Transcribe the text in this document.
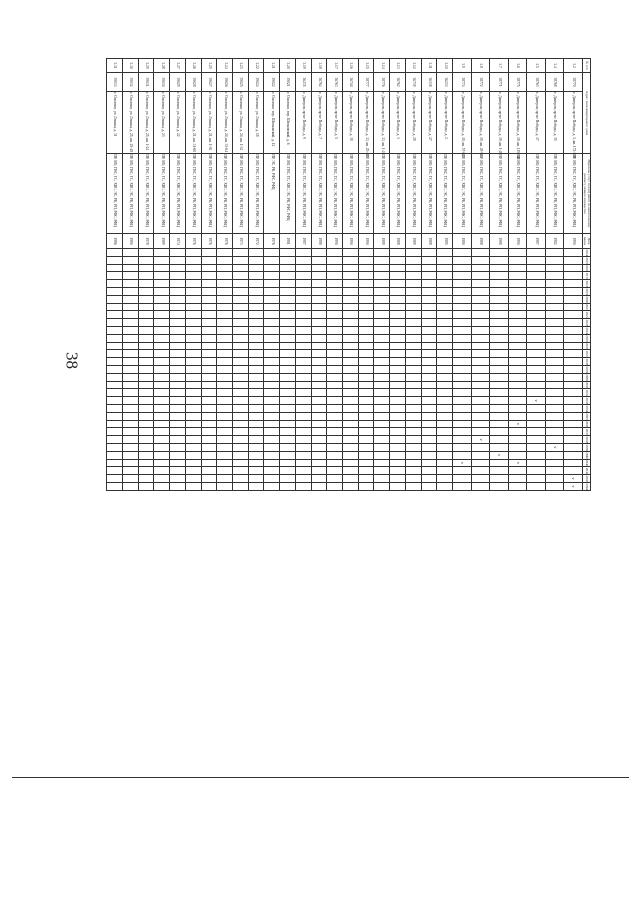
38
№ п/п	Адрес многоквартирного дома		Перечень услуг и (или) работ по капитальному ремонту общего имущества	Дата ввода	2014	2015	2016	2017	2018	2019	2020	2021	2022	2023	2024	2025	2026	2027	2028	2029	2030	2031	2032	2033	2034	2035	2036	2037	2038	2039	2040	2041	2042	2043	2044
3.2	38770	г. Дмитров, пр-кт Победы, д. 1, кв. 172-259	ПР, ВО, ГВС, ТС, ХВС, ЭС, РК, РП, РФС, РФЦ	1990																														v	v
3.4	38768	г. Дмитров, пр-кт Победы, д. 15	ПР, ВО, ГВС, ТС, ХВС, ЭС, РК, РП, РФС, РФЦ	1982																										v					
3.5	38763	г. Дмитров, пр-кт Победы, д. 17	ПР, ВО, ГВС, ТС, ХВС, ЭС, РК, РП, РФС, РФЦ	1987																				v											
3.6	38775	г. Дмитров, пр-кт Победы, д. 19, кв. 115-142	ПР, ВО, ГВС, ТС, ХВС, ЭС, РК, РП, РФС, РФЦ	1990																							v					v			
3.7	38771	г. Дмитров, пр-кт Победы, д. 19, кв. 1-28	ПР, ВО, ГВС, ТС, ХВС, ЭС, РК, РП, РФС, РФЦ	1988																											v				
3.8	38772	г. Дмитров, пр-кт Победы, д. 19, кв. 29-56	ПР, ВО, ГВС, ТС, ХВС, ЭС, РК, РП, РФС, РФЦ	1988																									v						
3.9	38774	г. Дмитров, пр-кт Победы, д. 19, кв. 57-84	ПР, ВО, ГВС, ТС, ХВС, ЭС, РК, РП, РФС, РФЦ	1980																												v			
3.10	36233	г. Дмитров, пр-кт Победы, д. 2	ПР, ВО, ГВС, ТС, ХВС, ЭС, РК, РП, РФС, РФЦ	1985																															
3.11	36338	г. Дмитров, пр-кт Победы, д. 27	ПР, ВО, ГВС, ТС, ХВС, ЭС, РК, РП, РФС, РФЦ	1988																															
3.12	36739	г. Дмитров, пр-кт Победы, д. 29	ПР, ВО, ГВС, ТС, ХВС, ЭС, РК, РП, РФС, РФЦ	1989																															
3.13	36762	г. Дмитров, пр-кт Победы, д. 3	ПР, ВО, ГВС, ТС, ХВС, ЭС, РК, РП, РФС, РФЦ	1988																															
3.14	38776	г. Дмитров, пр-кт Победы, д. 33, кв. 1-24	ПР, ВО, ГВС, ТС, ХВС, ЭС, РК, РП, РФС, РФЦ	1989																															
3.15	38777	г. Дмитров, пр-кт Победы, д. 33, кв. 25-48	ПР, ВО, ГВС, ТС, ХВС, ЭС, РК, РП, РФС, РФЦ	1990																															
3.16	36740	г. Дмитров, пр-кт Победы, д. 39	ПР, ВО, ГВС, ТС, ХВС, ЭС, РК, РП, РФС, РФЦ	1990																															
3.17	36763	г. Дмитров, пр-кт Победы, д. 5	ПР, ВО, ГВС, ТС, ХВС, ЭС, РК, РП, РФС, РФЦ	1990																															
3.18	36764	г. Дмитров, пр-кт Победы, д. 7	ПР, ВО, ГВС, ТС, ХВС, ЭС, РК, РП, РФС, РФЦ	1988																															
3.19	36235	г. Дмитров, пр-кт Победы, д. 9	ПР, ВО, ГВС, ТС, ХВС, ЭС, РК, РП, РФС, РФЦ	1987																															
3.20	39021	г. Ожогино, пер. Шелковский, д. 6	ПР, ВО, ГВС, ТС, ХВС, ЭС, РК, РФС, РФЦ	1981																															
3.21	39022	г. Ожогино, пер. Шелковский, д. 12	ПР, ЭС, РК, РФС, РФЦ	1976																															
3.22	39024	г. Ожогино, ул. Ленина, д. 18	ПР, ВО, ГВС, ТС, ХВС, ЭС, РК, РП, РФС, РФЦ	1972																															
3.23	39025	г. Ожогино, ул. Ленина, д. 20, кв. 1-32	ПР, ВО, ГВС, ТС, ХВС, ЭС, РК, РП, РФС, РФЦ	1973																															
3.24	39026	г. Ожогино, ул. Ленина, д. 20, кв. 33-64	ПР, ВО, ГВС, ТС, ХВС, ЭС, РК, РП, РФС, РФЦ	1976																															
3.25	39027	г. Ожогино, ул. Ленина, д. 21, кв. 1-30	ПР, ВО, ГВС, ТС, ХВС, ЭС, РК, РП, РФС, РФЦ	1976																															
3.26	39028	г. Ожогино, ул. Ленина, д. 21, кв. 31-60	ПР, ВО, ГВС, ТС, ХВС, ЭС, РК, РП, РФС, РФЦ	1976																															
3.27	39029	г. Ожогино, ул. Ленина, д. 22	ПР, ВО, ГВС, ТС, ХВС, ЭС, РК, РП, РФС, РФЦ	1974																															
3.28	39030	г. Ожогино, ул. Ленина, д. 23	ПР, ВО, ГВС, ТС, ХВС, ЭС, РК, РП, РФС, РФЦ	1989																															
3.29	39031	г. Ожогино, ул. Ленина, д. 25, кв. 1-24	ПР, ВО, ГВС, ТС, ХВС, ЭС, РК, РП, РФС, РФЦ	1978																															
3.30	39032	г. Ожогино, ул. Ленина, д. 25, кв. 25-48	ПР, ВО, ГВС, ТС, ХВС, ЭС, РК, РП, РФС, РФЦ	1980																															
3.31	39033	г. Ожогино, ул. Ленина, д. 31	ПР, ВО, ГВС, ТС, ХВС, ЭС, РК, РП, РФС, РФЦ	1986																															
